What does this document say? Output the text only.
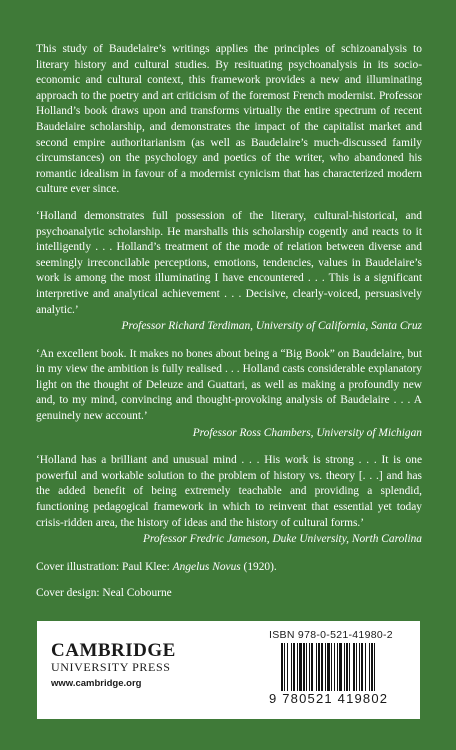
This study of Baudelaire’s writings applies the principles of schizoanalysis to literary history and cultural studies. By resituating psychoanalysis in its socio-economic and cultural context, this framework provides a new and illuminating approach to the poetry and art criticism of the foremost French modernist. Professor Holland’s book draws upon and transforms virtually the entire spectrum of recent Baudelaire scholarship, and demonstrates the impact of the capitalist market and second empire authoritarianism (as well as Baudelaire’s much-discussed family circumstances) on the psychology and poetics of the writer, who abandoned his romantic idealism in favour of a modernist cynicism that has characterized modern culture ever since.

‘Holland demonstrates full possession of the literary, cultural-historical, and psychoanalytic scholarship. He marshalls this scholarship cogently and reacts to it intelligently . . . Holland’s treatment of the mode of relation between diverse and seemingly irreconcilable perceptions, emotions, tendencies, values in Baudelaire’s work is among the most illuminating I have encountered . . . This is a significant interpretive and analytical achievement . . . Decisive, clearly-voiced, persuasively analytic.’

Professor Richard Terdiman, University of California, Santa Cruz

‘An excellent book. It makes no bones about being a “Big Book” on Baudelaire, but in my view the ambition is fully realised . . . Holland casts considerable explanatory light on the thought of Deleuze and Guattari, as well as making a profoundly new and, to my mind, convincing and thought-provoking analysis of Baudelaire . . . A genuinely new account.’

Professor Ross Chambers, University of Michigan

‘Holland has a brilliant and unusual mind . . . His work is strong . . . It is one powerful and workable solution to the problem of history vs. theory [. . .] and has the added benefit of being extremely teachable and providing a splendid, functioning pedagogical framework in which to reinvent that essential yet today crisis-ridden area, the history of ideas and the history of cultural forms.’

Professor Fredric Jameson, Duke University, North Carolina

Cover illustration: Paul Klee: Angelus Novus (1920).

Cover design: Neal Cobourne

CAMBRIDGE
UNIVERSITY PRESS
www.cambridge.org
ISBN 978-0-521-41980-2
9 780521 419802
